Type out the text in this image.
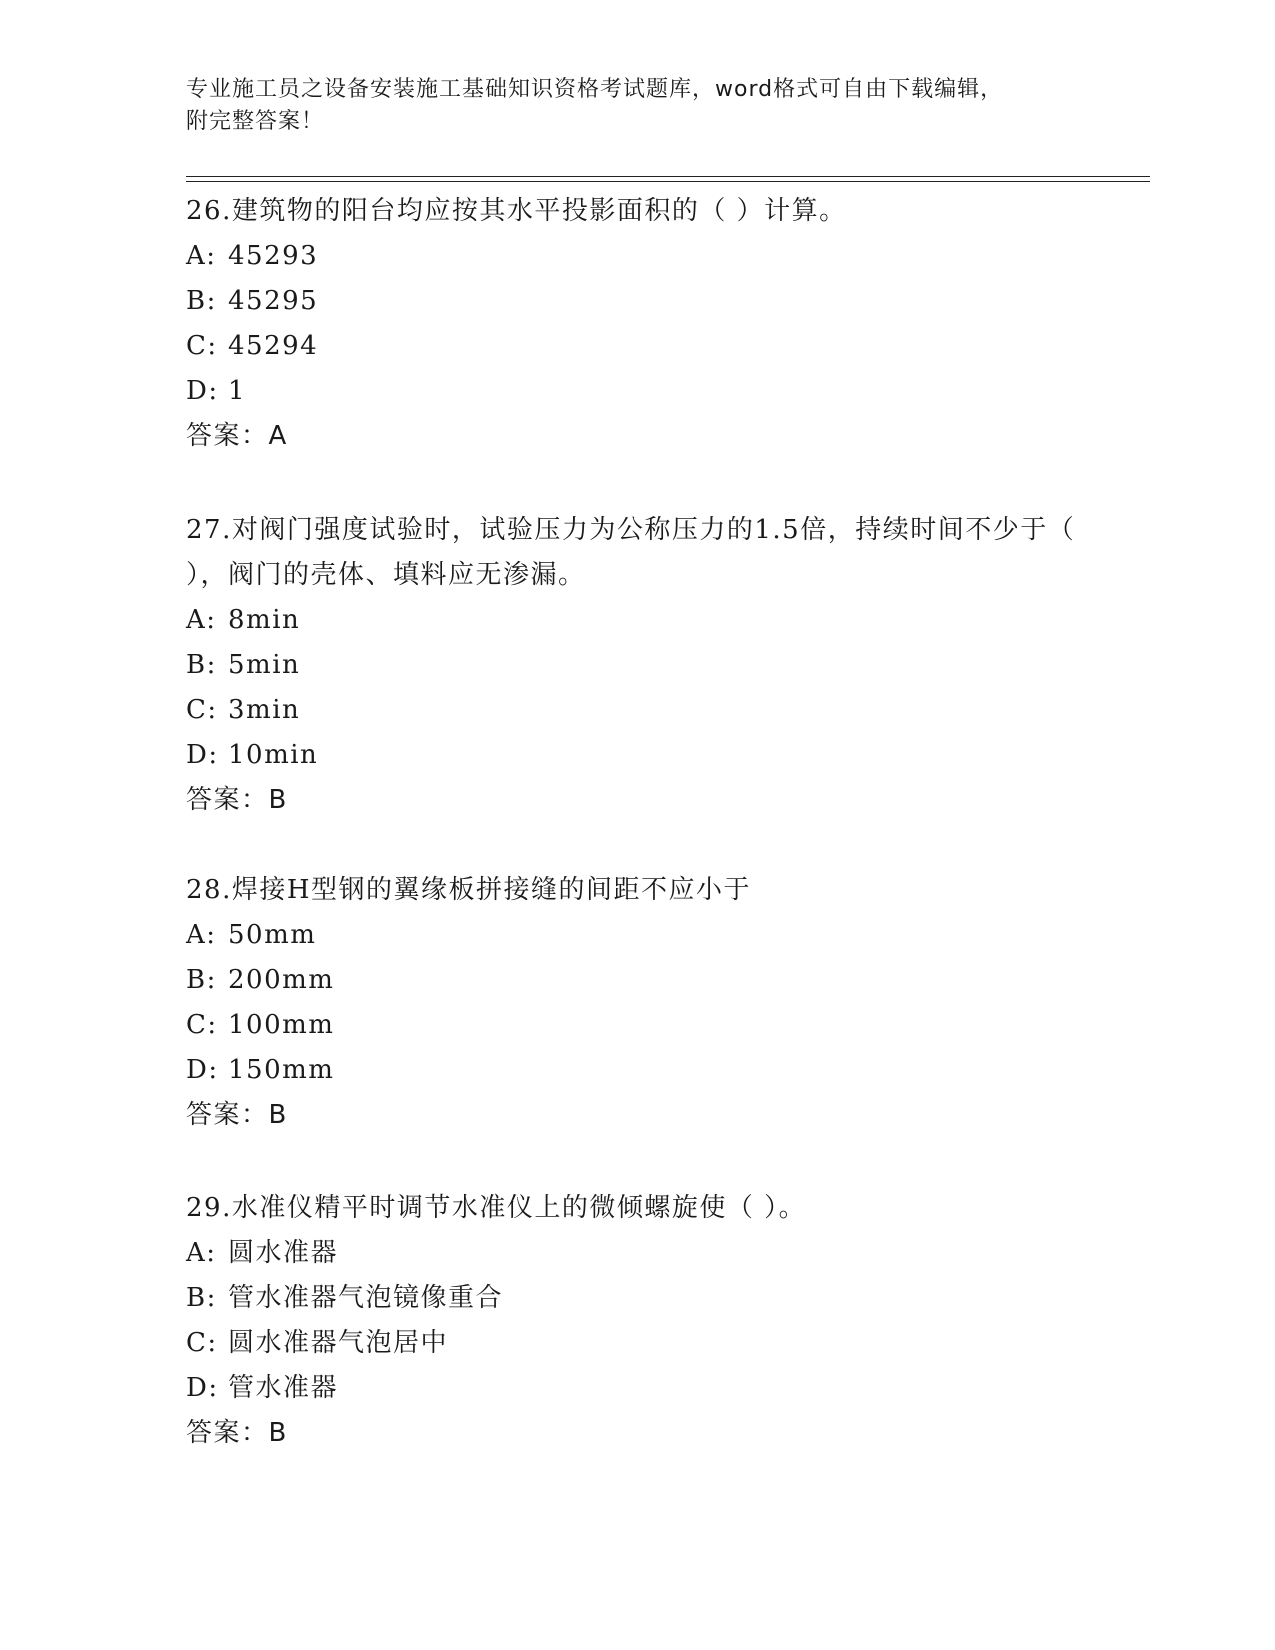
专业施工员之设备安装施工基础知识资格考试题库，word格式可自由下载编辑，
附完整答案！

26.建筑物的阳台均应按其水平投影面积的（ ）计算。

A: 45293

B: 45295

C: 45294

D: 1

答案：A

27.对阀门强度试验时，试验压力为公称压力的1.5倍，持续时间不少于（ ），阀门的壳体、填料应无渗漏。

A: 8min

B: 5min

C: 3min

D: 10min

答案：B

28.焊接H型钢的翼缘板拼接缝的间距不应小于

A: 50mm

B: 200mm

C: 100mm

D: 150mm

答案：B

29.水准仪精平时调节水准仪上的微倾螺旋使（ ）。

A: 圆水准器

B: 管水准器气泡镜像重合

C: 圆水准器气泡居中

D: 管水准器

答案：B
